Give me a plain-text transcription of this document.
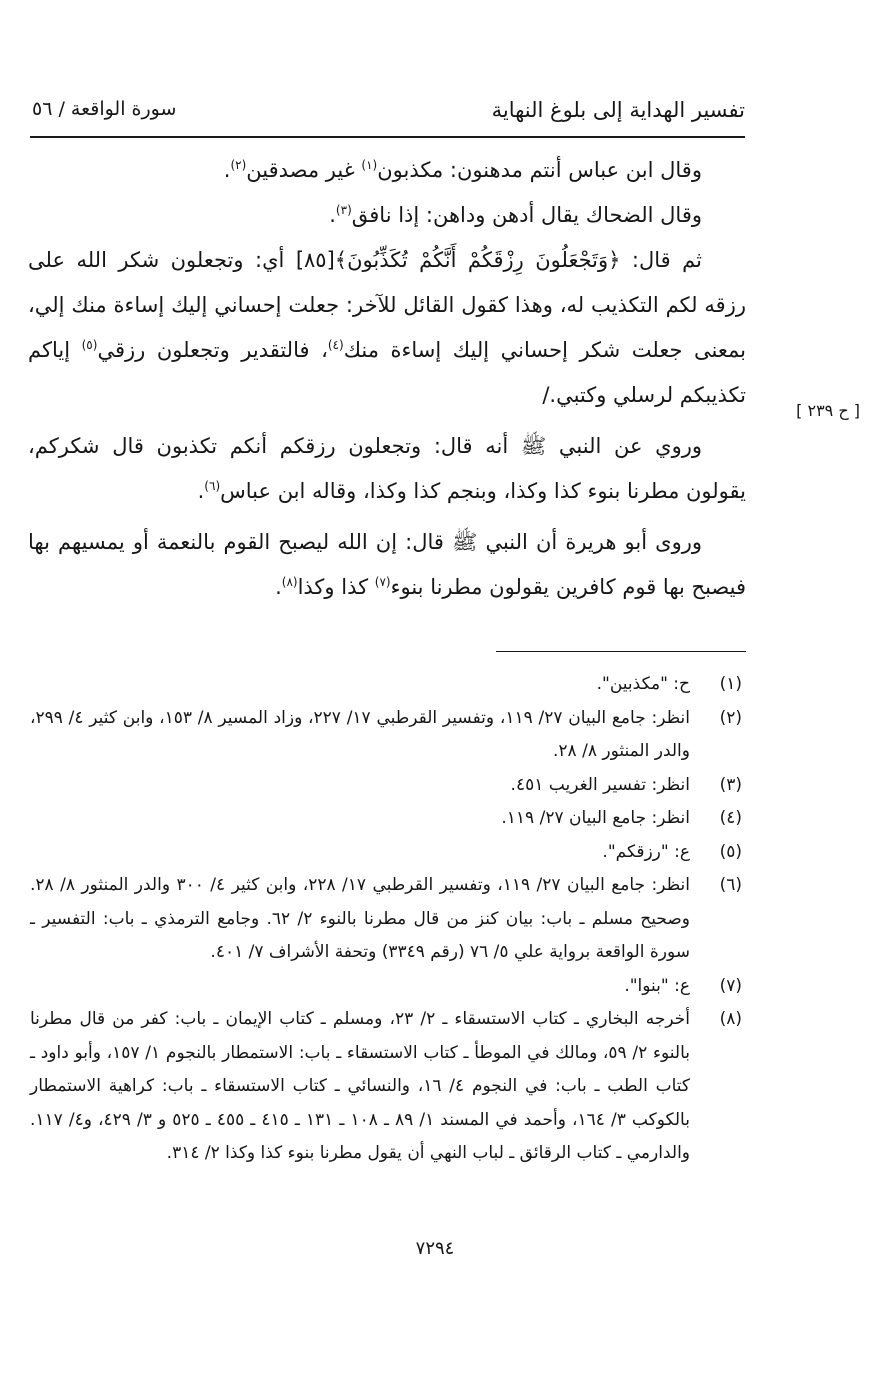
تفسير الهداية إلى بلوغ النهاية
سورة الواقعة / ٥٦
[ ح ٢٣٩ ]

وقال ابن عباس أنتم مدهنون: مكذبون$^{(١)}$ غير مصدقين$^{(٢)}$.

وقال الضحاك يقال أدهن وداهن: إذا نافق$^{(٣)}$.

ثم قال: ﴿وَتَجْعَلُونَ رِزْقَكُمْ أَنَّكُمْ تُكَذِّبُونَ﴾[٨٥] أي: وتجعلون شكر الله على رزقه لكم التكذيب له، وهذا كقول القائل للآخر: جعلت إحساني إليك إساءة منك إلي، بمعنى جعلت شكر إحساني إليك إساءة منك$^{(٤)}$، فالتقدير وتجعلون رزقي$^{(٥)}$ إياكم تكذيبكم لرسلي وكتبي./

وروي عن النبي ﷺ أنه قال: وتجعلون رزقكم أنكم تكذبون قال شكركم، يقولون مطرنا بنوء كذا وكذا، وبنجم كذا وكذا، وقاله ابن عباس$^{(٦)}$.

وروى أبو هريرة أن النبي ﷺ قال: إن الله ليصبح القوم بالنعمة أو يمسيهم بها فيصبح بها قوم كافرين يقولون مطرنا بنوء$^{(٧)}$ كذا وكذا$^{(٨)}$.

(١)
ح: "مكذبين".
(٢)
انظر: جامع البيان ٢٧/ ١١٩، وتفسير القرطبي ١٧/ ٢٢٧، وزاد المسير ٨/ ١٥٣، وابن كثير ٤/ ٢٩٩، والدر المنثور ٨/ ٢٨.
(٣)
انظر: تفسير الغريب ٤٥١.
(٤)
انظر: جامع البيان ٢٧/ ١١٩.
(٥)
ع: "رزقكم".
(٦)
انظر: جامع البيان ٢٧/ ١١٩، وتفسير القرطبي ١٧/ ٢٢٨، وابن كثير ٤/ ٣٠٠ والدر المنثور ٨/ ٢٨. وصحيح مسلم ـ باب: بيان كنز من قال مطرنا بالنوء ٢/ ٦٢. وجامع الترمذي ـ باب: التفسير ـ سورة الواقعة برواية علي ٥/ ٧٦ (رقم ٣٣٤٩) وتحفة الأشراف ٧/ ٤٠١.
(٧)
ع: "بنوا".
(٨)
أخرجه البخاري ـ كتاب الاستسقاء ـ ٢/ ٢٣، ومسلم ـ كتاب الإيمان ـ باب: كفر من قال مطرنا بالنوء ٢/ ٥٩، ومالك في الموطأ ـ كتاب الاستسقاء ـ باب: الاستمطار بالنجوم ١/ ١٥٧، وأبو داود ـ كتاب الطب ـ باب: في النجوم ٤/ ١٦، والنسائي ـ كتاب الاستسقاء ـ باب: كراهية الاستمطار بالكوكب ٣/ ١٦٤، وأحمد في المسند ١/ ٨٩ ـ ١٠٨ ـ ١٣١ ـ ٤١٥ ـ ٤٥٥ ـ ٥٢٥ و ٣/ ٤٢٩، و٤/ ١١٧. والدارمي ـ كتاب الرقائق ـ لباب النهي أن يقول مطرنا بنوء كذا وكذا ٢/ ٣١٤.
٧٢٩٤
